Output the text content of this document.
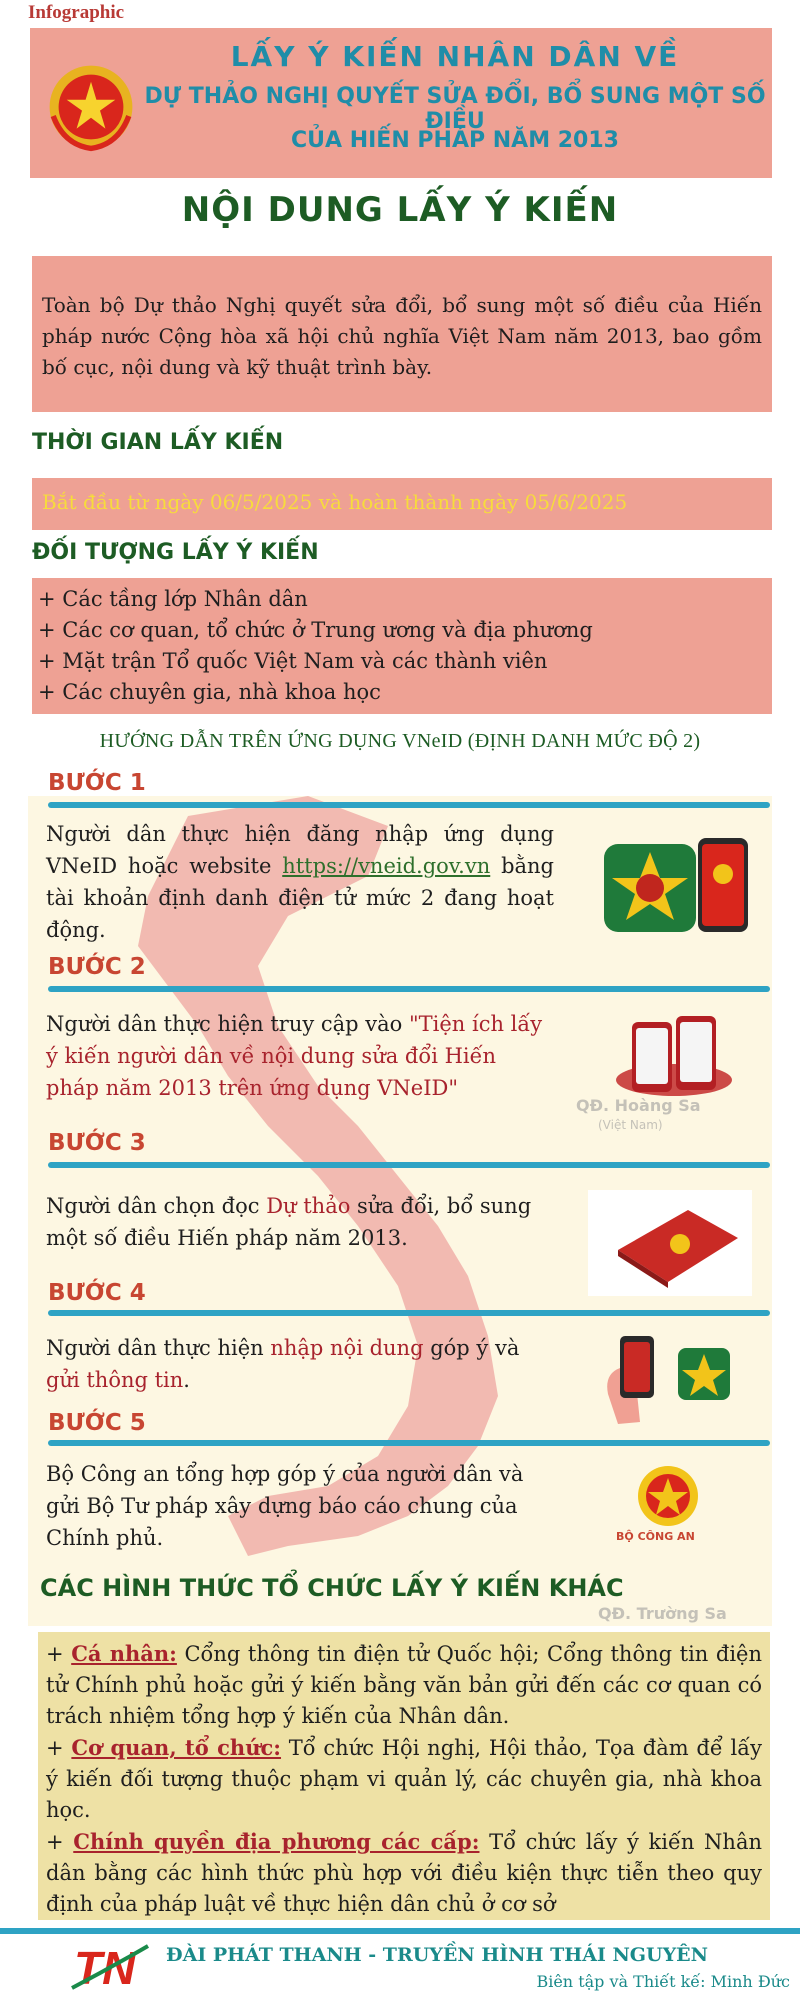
Infographic
LẤY Ý KIẾN NHÂN DÂN VỀ
DỰ THẢO NGHỊ QUYẾT SỬA ĐỔI, BỔ SUNG MỘT SỐ ĐIỀU
CỦA HIẾN PHÁP NĂM 2013
NỘI DUNG LẤY Ý KIẾN
Toàn bộ Dự thảo Nghị quyết sửa đổi, bổ sung một số điều của Hiến pháp nước Cộng hòa xã hội chủ nghĩa Việt Nam năm 2013, bao gồm bố cục, nội dung và kỹ thuật trình bày.
THỜI GIAN LẤY KIẾN
Bắt đầu từ ngày 06/5/2025 và hoàn thành ngày 05/6/2025
ĐỐI TƯỢNG LẤY Ý KIẾN
+ Các tầng lớp Nhân dân
+ Các cơ quan, tổ chức ở Trung ương và địa phương
+ Mặt trận Tổ quốc Việt Nam và các thành viên
+ Các chuyên gia, nhà khoa học
HƯỚNG DẪN TRÊN ỨNG DỤNG VNeID (ĐỊNH DANH MỨC ĐỘ 2)
QĐ. Hoàng Sa
(Việt Nam)
QĐ. Trường Sa
BƯỚC 1
Người dân thực hiện đăng nhập ứng dụng VNeID hoặc website https://vneid.gov.vn bằng tài khoản định danh điện tử mức 2 đang hoạt động.
BƯỚC 2
Người dân thực hiện truy cập vào "Tiện ích lấy ý kiến người dân về nội dung sửa đổi Hiến pháp năm 2013 trên ứng dụng VNeID"
BƯỚC 3
Người dân chọn đọc Dự thảo sửa đổi, bổ sung một số điều Hiến pháp năm 2013.
BƯỚC 4
Người dân thực hiện nhập nội dung góp ý và gửi thông tin.
BƯỚC 5
Bộ Công an tổng hợp góp ý của người dân và gửi Bộ Tư pháp xây dựng báo cáo chung của Chính phủ.	BỘ CÔNG AN
CÁC HÌNH THỨC TỔ CHỨC LẤY Ý KIẾN KHÁC
+ Cá nhân: Cổng thông tin điện tử Quốc hội; Cổng thông tin điện tử Chính phủ hoặc gửi ý kiến bằng văn bản gửi đến các cơ quan có trách nhiệm tổng hợp ý kiến của Nhân dân.
+ Cơ quan, tổ chức: Tổ chức Hội nghị, Hội thảo, Tọa đàm để lấy ý kiến đối tượng thuộc phạm vi quản lý, các chuyên gia, nhà khoa học.
+ Chính quyền địa phương các cấp: Tổ chức lấy ý kiến Nhân dân bằng các hình thức phù hợp với điều kiện thực tiễn theo quy định của pháp luật về thực hiện dân chủ ở cơ sở
TN ĐÀI PHÁT THANH - TRUYỀN HÌNH THÁI NGUYÊN
Biên tập và Thiết kế: Minh Đức
